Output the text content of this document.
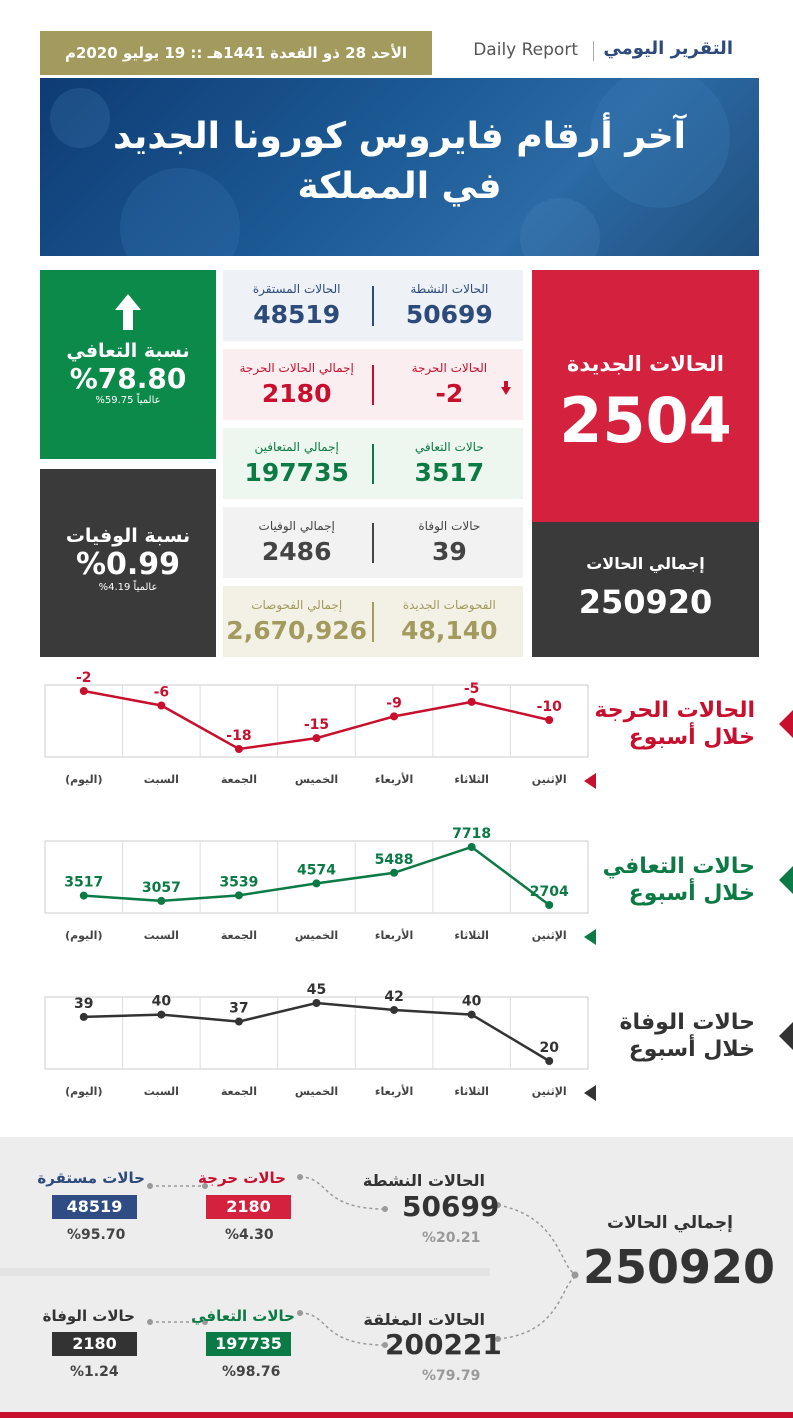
الأحد 28 ذو القعدة 1441هـ :: 19 يوليو 2020م	التقرير اليومي
Daily Report
آخر أرقام فايروس كورونا الجديد
في المملكة
الحالات الجديدة
2504
إجمالي الحالات
250920
نسبة التعافي
%78.80
عالمياً 59.75%
نسبة الوفيات
%0.99
عالمياً 4.19%
الحالات النشطة
50699
الحالات المستقرة
48519
الحالات الحرجة
2-
إجمالي الحالات الحرجة
2180
حالات التعافي
3517
إجمالي المتعافين
197735
حالات الوفاة
39
إجمالي الوفيات
2486
الفحوصات الجديدة
48,140
إجمالي الفحوصات
2,670,926
-2
-6
-18
-15
-9
-5
-10
(اليوم)	السبت	الجمعة	الخميس	الأربعاء	الثلاثاء	الإثنين
الحالات الحرجة
خلال أسبوع
3517	3057	3539
4574
5488
7718
2704
(اليوم)	السبت	الجمعة	الخميس	الأربعاء	الثلاثاء	الإثنين
حالات التعافي
خلال أسبوع
39	40	37
45	42	40
20
(اليوم)	السبت	الجمعة	الخميس	الأربعاء	الثلاثاء	الإثنين
حالات الوفاة
خلال أسبوع
إجمالي الحالات
250920
الحالات النشطة
50699
%20.21
الحالات المغلقة
200221
%79.79
حالات حرجة
2180
%4.30
حالات مستقرة
48519
%95.70
حالات التعافي
197735
%98.76
حالات الوفاة
2180
%1.24
